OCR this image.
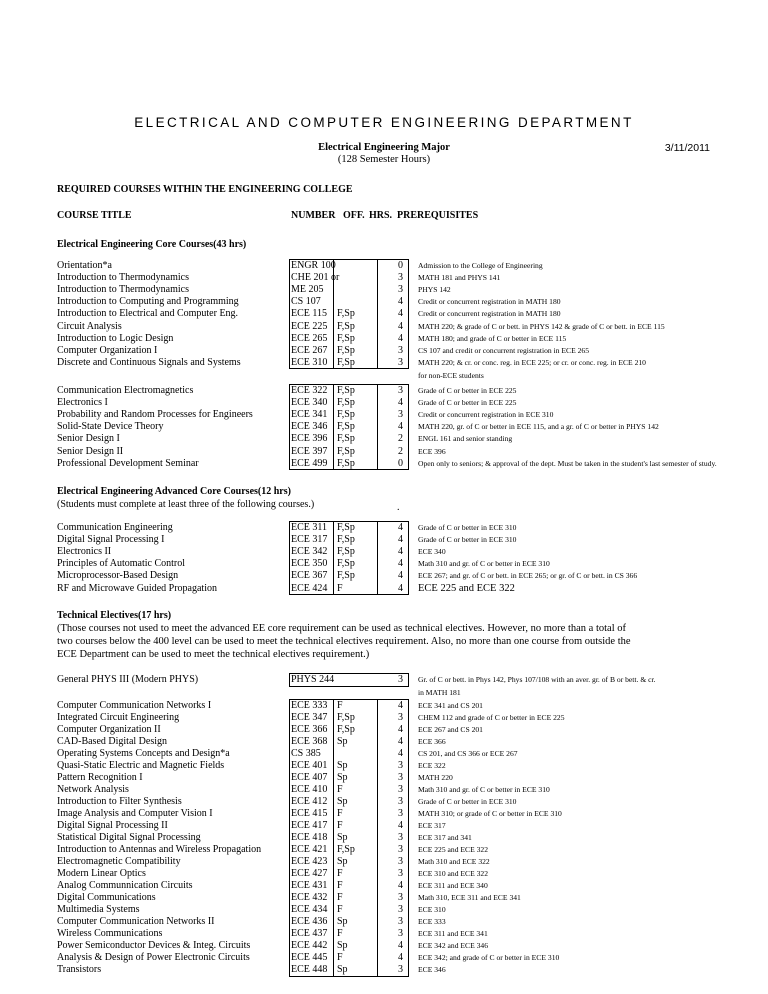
ELECTRICAL AND COMPUTER ENGINEERING DEPARTMENT
Electrical Engineering Major
(128 Semester Hours)
3/11/2011
REQUIRED COURSES WITHIN THE ENGINEERING COLLEGE
COURSE TITLE	NUMBER OFF. HRS. PREREQUISITES
Electrical Engineering Core Courses(43 hrs)
Orientation*a	ENGR 100	0	Admission to the College of Engineering
Introduction to Thermodynamics	CHE 201 or	3	MATH 181 and PHYS 141
Introduction to Thermodynamics	ME 205	3	PHYS 142
Introduction to Computing and Programming	CS 107	4	Credit or concurrent registration in MATH 180
Introduction to Electrical and Computer Eng.	ECE 115 F,Sp	4	Credit or concurrent registration in MATH 180
Circuit Analysis	ECE 225 F,Sp	4	MATH 220; & grade of C or bett. in PHYS 142 & grade of C or bett. in ECE 115
Introduction to Logic Design	ECE 265 F,Sp	4	MATH 180; and grade of C or better in ECE 115
Computer Organization I	ECE 267 F,Sp	3	CS 107 and credit or concurrent registration in ECE 265
Discrete and Continuous Signals and Systems	ECE 310 F,Sp	3	MATH 220; & cr. or conc. reg. in ECE 225; or cr. or conc. reg. in ECE 210
for non-ECE students
Communication Electromagnetics	ECE 322 F,Sp	3	Grade of C or better in ECE 225
Electronics I	ECE 340 F,Sp	4	Grade of C or better in ECE 225
Probability and Random Processes for Engineers	ECE 341 F,Sp	3	Credit or concurrent registration in ECE 310
Solid-State Device Theory	ECE 346 F,Sp	4	MATH 220, gr. of C or better in ECE 115, and a gr. of C or better in PHYS 142
Senior Design I	ECE 396 F,Sp	2	ENGL 161 and senior standing
Senior Design II	ECE 397 F,Sp	2	ECE 396
Professional Development Seminar	ECE 499 F,Sp	0	Open only to seniors; & approval of the dept. Must be taken in the student's last semester of study.
Electrical Engineering Advanced Core Courses(12 hrs)
(Students must complete at least three of the following courses.)	.
Communication Engineering	ECE 311 F,Sp	4	Grade of C or better in ECE 310
Digital Signal Processing I	ECE 317 F,Sp	4	Grade of C or better in ECE 310
Electronics II	ECE 342 F,Sp	4	ECE 340
Principles of Automatic Control	ECE 350 F,Sp	4	Math 310 and gr. of C or better in ECE 310
Microprocessor-Based Design	ECE 367 F,Sp	4	ECE 267; and gr. of C or bett. in ECE 265; or gr. of C or bett. in CS 366
RF and Microwave Guided Propagation	ECE 424 F	4	ECE 225 and ECE 322
Technical Electives(17 hrs)
(Those courses not used to meet the advanced EE core requirement can be used as technical electives. However, no more than a total of
two courses below the 400 level can be used to meet the technical electives requirement. Also, no more than one course from outside the
ECE Department can be used to meet the technical electives requirement.)
General PHYS III (Modern PHYS)	PHYS 244	3	Gr. of C or bett. in Phys 142, Phys 107/108 with an aver. gr. of B or bett. & cr.
in MATH 181
Computer Communication Networks I	ECE 333 F	4	ECE 341 and CS 201
Integrated Circuit Engineering	ECE 347 F,Sp	3	CHEM 112 and grade of C or better in ECE 225
Computer Organization II	ECE 366 F,Sp	4	ECE 267 and CS 201
CAD-Based Digital Design	ECE 368 Sp	4	ECE 366
Operating Systems Concepts and Design*a	CS 385	4	CS 201, and CS 366 or ECE 267
Quasi-Static Electric and Magnetic Fields	ECE 401 Sp	3	ECE 322
Pattern Recognition I	ECE 407 Sp	3	MATH 220
Network Analysis	ECE 410 F	3	Math 310 and gr. of C or better in ECE 310
Introduction to Filter Synthesis	ECE 412 Sp	3	Grade of C or better in ECE 310
Image Analysis and Computer Vision I	ECE 415 F	3	MATH 310; or grade of C or better in ECE 310
Digital Signal Processing II	ECE 417 F	4	ECE 317
Statistical Digital Signal Processing	ECE 418 Sp	3	ECE 317 and 341
Introduction to Antennas and Wireless Propagation	ECE 421 F,Sp	3	ECE 225 and ECE 322
Electromagnetic Compatibility	ECE 423 Sp	3	Math 310 and ECE 322
Modern Linear Optics	ECE 427 F	3	ECE 310 and ECE 322
Analog Communnication Circuits	ECE 431 F	4	ECE 311 and ECE 340
Digital Communications	ECE 432 F	3	Math 310, ECE 311 and ECE 341
Multimedia Systems	ECE 434 F	3	ECE 310
Computer Communication Networks II	ECE 436 Sp	3	ECE 333
Wireless Communications	ECE 437 F	3	ECE 311 and ECE 341
Power Semiconductor Devices & Integ. Circuits	ECE 442 Sp	4	ECE 342 and ECE 346
Analysis & Design of Power Electronic Circuits	ECE 445 F	4	ECE 342; and grade of C or better in ECE 310
Transistors	ECE 448 Sp	3	ECE 346
